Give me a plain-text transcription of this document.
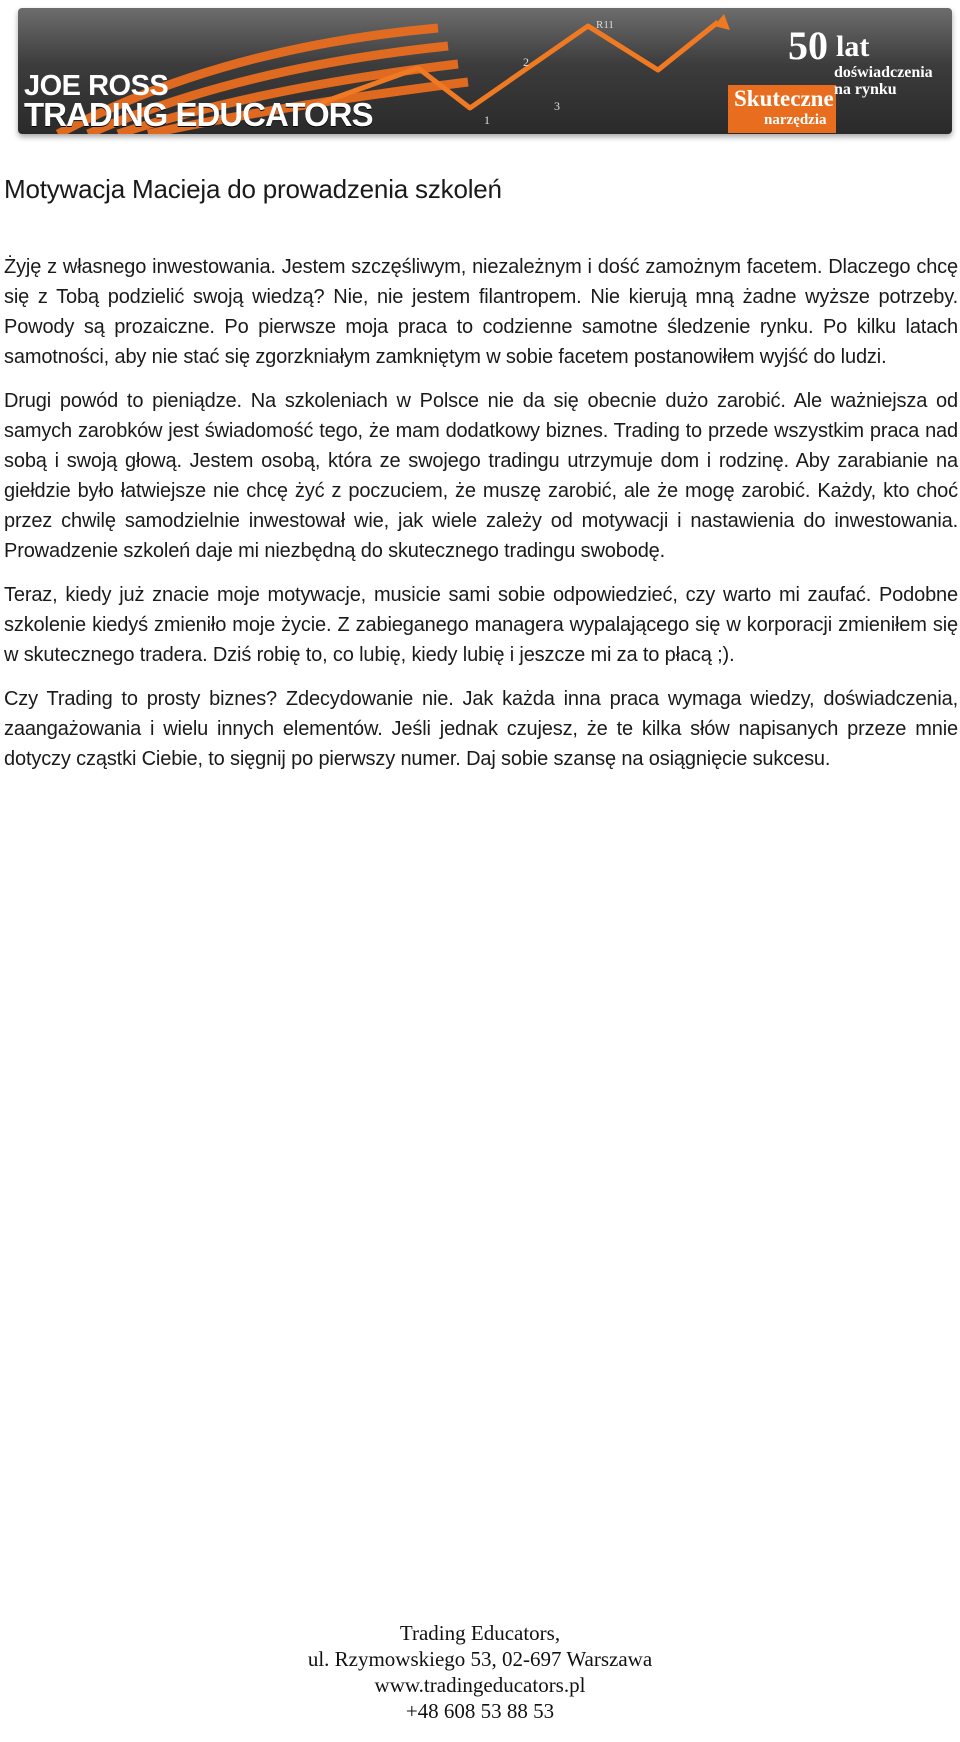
R11
1
2
3
JOE ROSS
TRADING EDUCATORS
50 lat
doświadczenia na rynku
Skuteczne
narzędzia
Motywacja Macieja do prowadzenia szkoleń

Żyję z własnego inwestowania. Jestem szczęśliwym, niezależnym i dość zamożnym facetem. Dlaczego chcę się z Tobą podzielić swoją wiedzą? Nie, nie jestem filantropem. Nie kierują mną żadne wyższe potrzeby. Powody są prozaiczne. Po pierwsze moja praca to codzienne samotne śledzenie rynku. Po kilku latach samotności, aby nie stać się zgorzkniałym zamkniętym w sobie facetem postanowiłem wyjść do ludzi.

Drugi powód to pieniądze. Na szkoleniach w Polsce nie da się obecnie dużo zarobić. Ale ważniejsza od samych zarobków jest świadomość tego, że mam dodatkowy biznes. Trading to przede wszystkim praca nad sobą i swoją głową. Jestem osobą, która ze swojego tradingu utrzymuje dom i rodzinę. Aby zarabianie na giełdzie było łatwiejsze nie chcę żyć z poczuciem, że muszę zarobić, ale że mogę zarobić. Każdy, kto choć przez chwilę samodzielnie inwestował wie, jak wiele zależy od motywacji i nastawienia do inwestowania. Prowadzenie szkoleń daje mi niezbędną do skutecznego tradingu swobodę.

Teraz, kiedy już znacie moje motywacje, musicie sami sobie odpowiedzieć, czy warto mi zaufać. Podobne szkolenie kiedyś zmieniło moje życie. Z zabieganego managera wypalającego się w korporacji zmieniłem się w skutecznego tradera. Dziś robię to, co lubię, kiedy lubię i jeszcze mi za to płacą ;).

Czy Trading to prosty biznes? Zdecydowanie nie. Jak każda inna praca wymaga wiedzy, doświadczenia, zaangażowania i wielu innych elementów. Jeśli jednak czujesz, że te kilka słów napisanych przeze mnie dotyczy cząstki Ciebie, to sięgnij po pierwszy numer. Daj sobie szansę na osiągnięcie sukcesu.

Trading Educators,
ul. Rzymowskiego 53, 02-697 Warszawa
www.tradingeducators.pl
+48 608 53 88 53
